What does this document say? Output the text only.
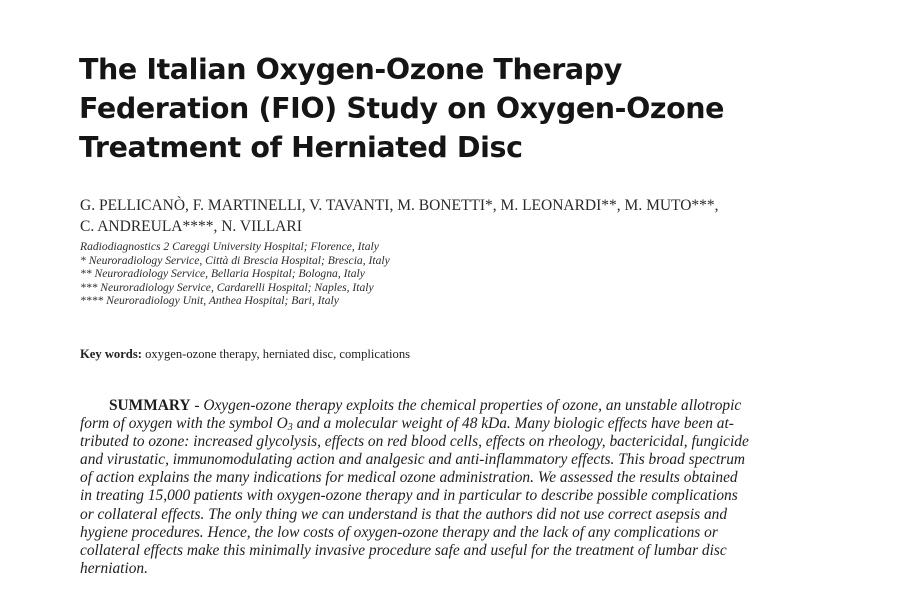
The Italian Oxygen-Ozone Therapy
Federation (FIO) Study on Oxygen-Ozone
Treatment of Herniated Disc
G. PELLICANÒ, F. MARTINELLI, V. TAVANTI, M. BONETTI*, M. LEONARDI**, M. MUTO***,
C. ANDREULA****, N. VILLARI
Radiodiagnostics 2 Careggi University Hospital; Florence, Italy
* Neuroradiology Service, Città di Brescia Hospital; Brescia, Italy
** Neuroradiology Service, Bellaria Hospital; Bologna, Italy
*** Neuroradiology Service, Cardarelli Hospital; Naples, Italy
**** Neuroradiology Unit, Anthea Hospital; Bari, Italy
Key words: oxygen-ozone therapy, herniated disc, complications
SUMMARY - Oxygen-ozone therapy exploits the chemical properties of ozone, an unstable allotropic
form of oxygen with the symbol $O_3$ and a molecular weight of 48 kDa. Many biologic effects have been at-
tributed to ozone: increased glycolysis, effects on red blood cells, effects on rheology, bactericidal, fungicide
and virustatic, immunomodulating action and analgesic and anti-inflammatory effects. This broad spectrum
of action explains the many indications for medical ozone administration. We assessed the results obtained
in treating 15,000 patients with oxygen-ozone therapy and in particular to describe possible complications
or collateral effects. The only thing we can understand is that the authors did not use correct asepsis and
hygiene procedures. Hence, the low costs of oxygen-ozone therapy and the lack of any complications or
collateral effects make this minimally invasive procedure safe and useful for the treatment of lumbar disc
herniation.
